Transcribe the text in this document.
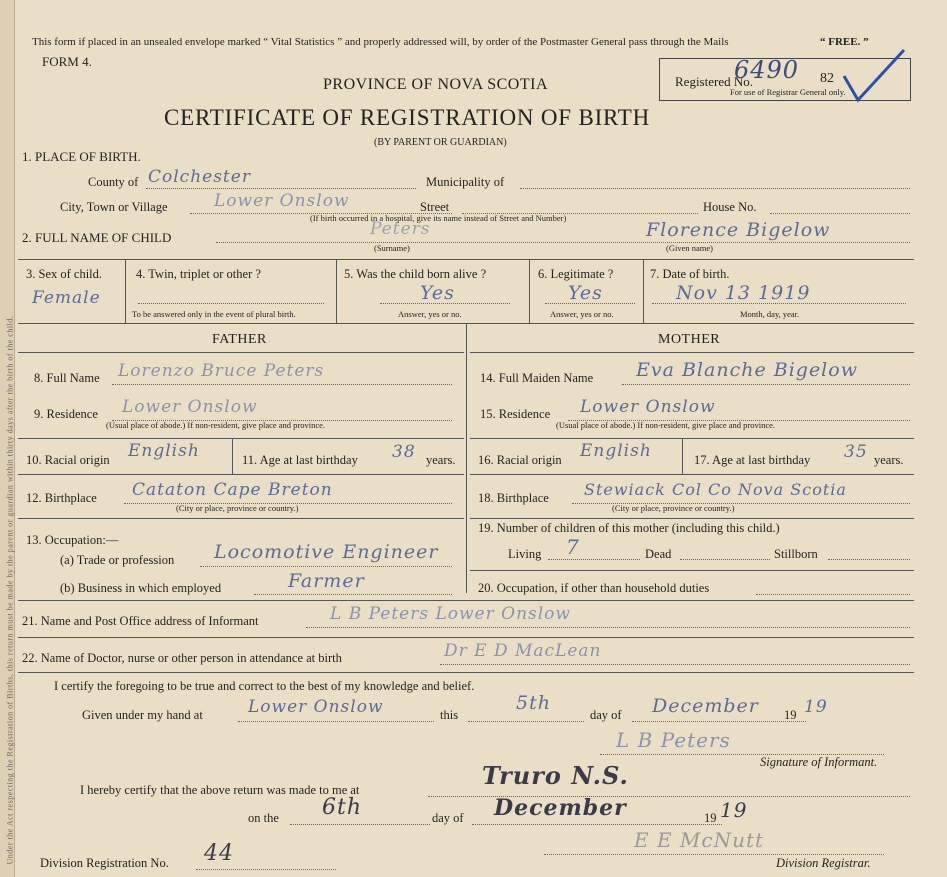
Under the Act respecting the Registration of Births, this return must be made by the parent or guardian within thirty days after the birth of the child.
This form if placed in an unsealed envelope marked “ Vital Statistics ” and properly addressed will, by order of the Postmaster General pass through the Mails	“ FREE. ”
FORM 4.
PROVINCE OF NOVA SCOTIA
CERTIFICATE OF REGISTRATION OF BIRTH
(BY PARENT OR GUARDIAN)
Registered No.
6490 82
For use of Registrar General only.
1. PLACE OF BIRTH.
County of Colchester	Municipality of
City, Town or Village	Lower Onslow	Street	House No.
(If birth occurred in a hospital, give its name instead of Street and Number)
2. FULL NAME OF CHILD	Peters	Florence Bigelow
(Surname)	(Given name)
3. Sex of child.
Female
4. Twin, triplet or other ?
To be answered only in the event of plural birth.
5. Was the child born alive ?
Yes
Answer, yes or no.
6. Legitimate ?
Yes
Answer, yes or no.
7. Date of birth.
Nov 13 1919
Month, day, year.
FATHER	MOTHER
8. Full Name Lorenzo Bruce Peters
9. Residence Lower Onslow
(Usual place of abode.) If non-resident, give place and province.
10. Racial origin English	11. Age at last birthday 38 years.
12. Birthplace Cataton Cape Breton
(City or place, province or country.)
13. Occupation:—
(a) Trade or profession Locomotive Engineer
(b) Business in which employed	Farmer
14. Full Maiden Name Eva Blanche Bigelow
15. Residence Lower Onslow
(Usual place of abode.) If non-resident, give place and province.
16. Racial origin English	17. Age at last birthday 35 years.
18. Birthplace Stewiack Col Co Nova Scotia
(City or place, province or country.)
19. Number of children of this mother (including this child.)
Living 7	Dead	Stillborn
20. Occupation, if other than household duties
21. Name and Post Office address of Informant	L B Peters Lower Onslow
22. Name of Doctor, nurse or other person in attendance at birth	Dr E D MacLean
I certify the foregoing to be true and correct to the best of my knowledge and belief.
Given under my hand at	Lower Onslow	this
5th
day of December 19 19
L B Peters
Signature of Informant.
I hereby certify that the above return was made to me at	Truro N.S.
on the 6th	day of December	19 19
Division Registration No. 44
E E McNutt
Division Registrar.
